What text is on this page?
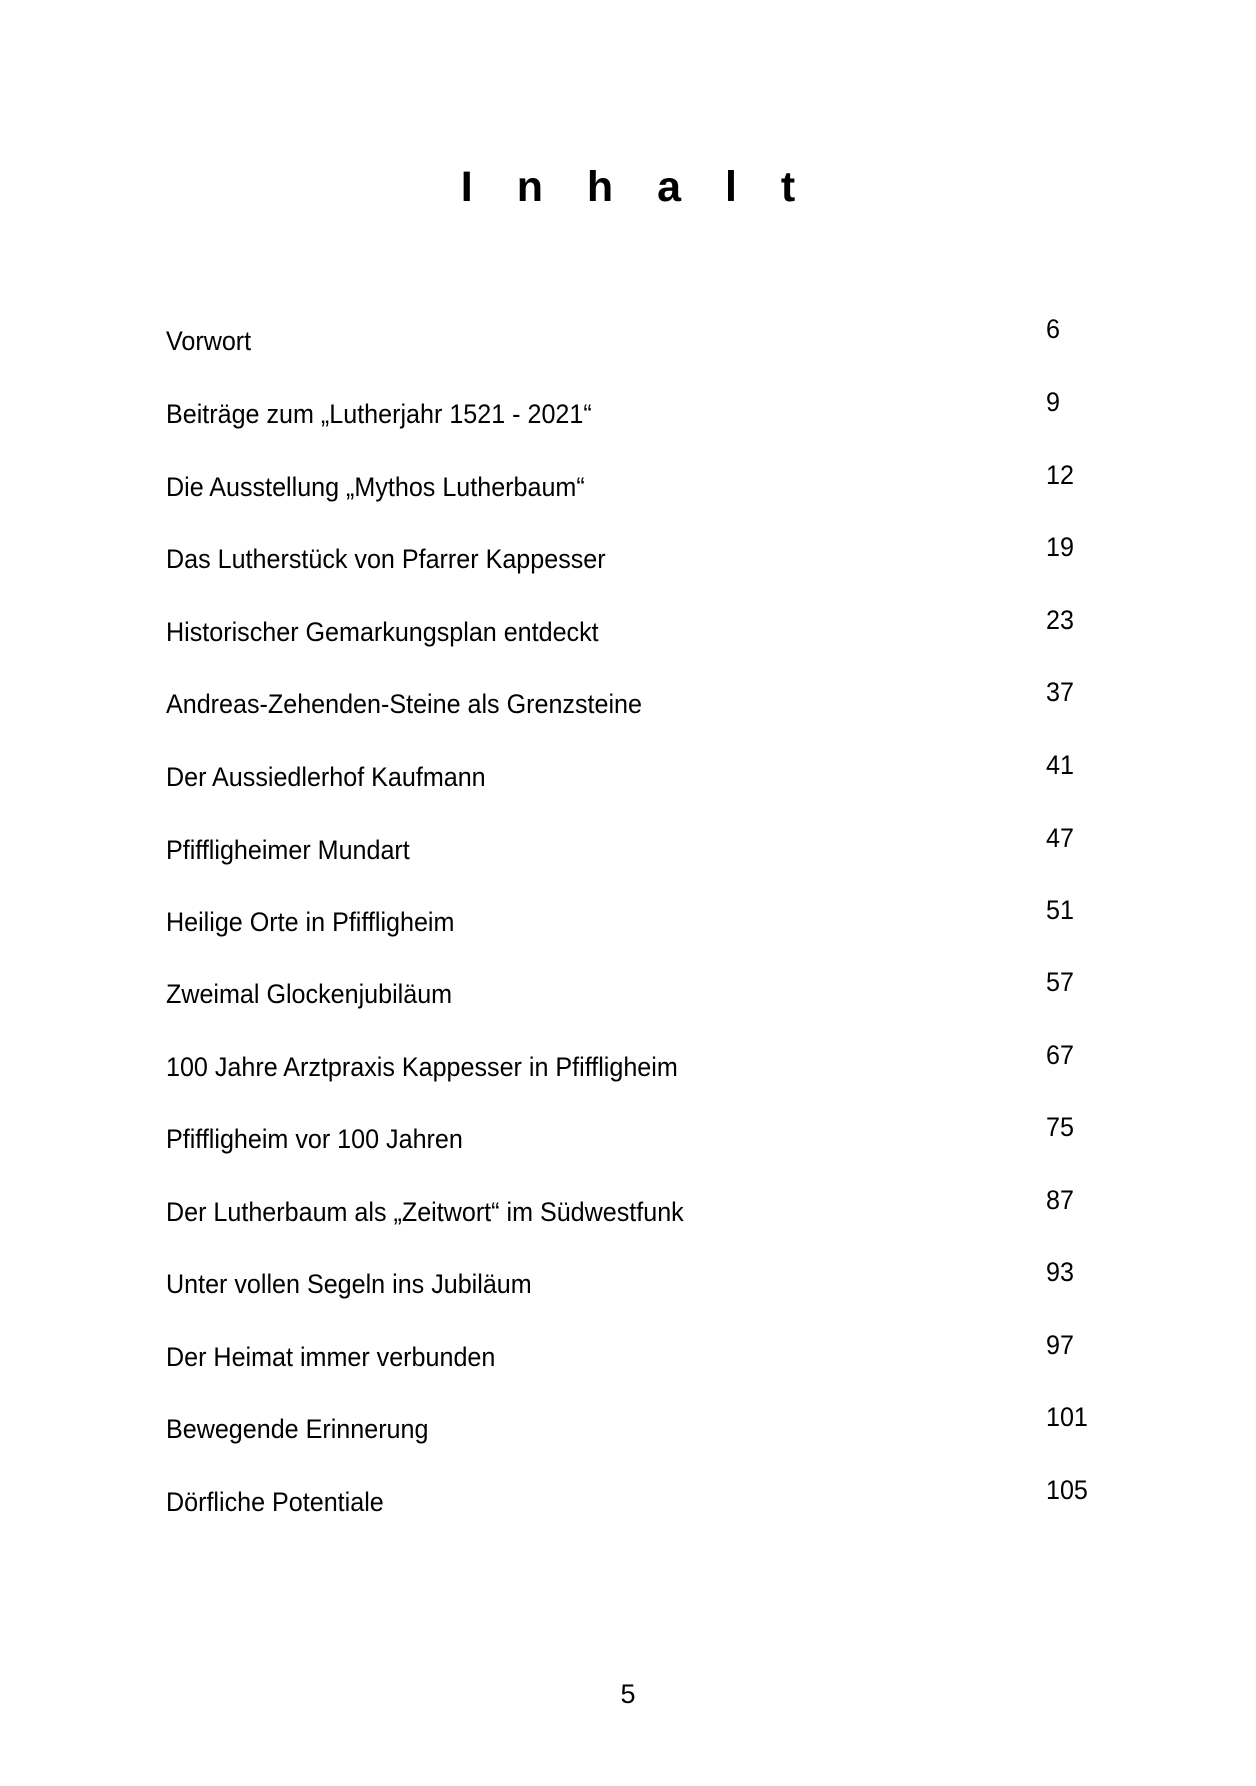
I n h a l t
Vorwort	6
Beiträge zum „Lutherjahr 1521 - 2021“	9
Die Ausstellung „Mythos Lutherbaum“	12
Das Lutherstück von Pfarrer Kappesser	19
Historischer Gemarkungsplan entdeckt	23
Andreas-Zehenden-Steine als Grenzsteine	37
Der Aussiedlerhof Kaufmann	41
Pfiffligheimer Mundart	47
Heilige Orte in Pfiffligheim	51
Zweimal Glockenjubiläum	57
100 Jahre Arztpraxis Kappesser in Pfiffligheim	67
Pfiffligheim vor 100 Jahren	75
Der Lutherbaum als „Zeitwort“ im Südwestfunk	87
Unter vollen Segeln ins Jubiläum	93
Der Heimat immer verbunden	97
Bewegende Erinnerung	101
Dörfliche Potentiale	105
5
